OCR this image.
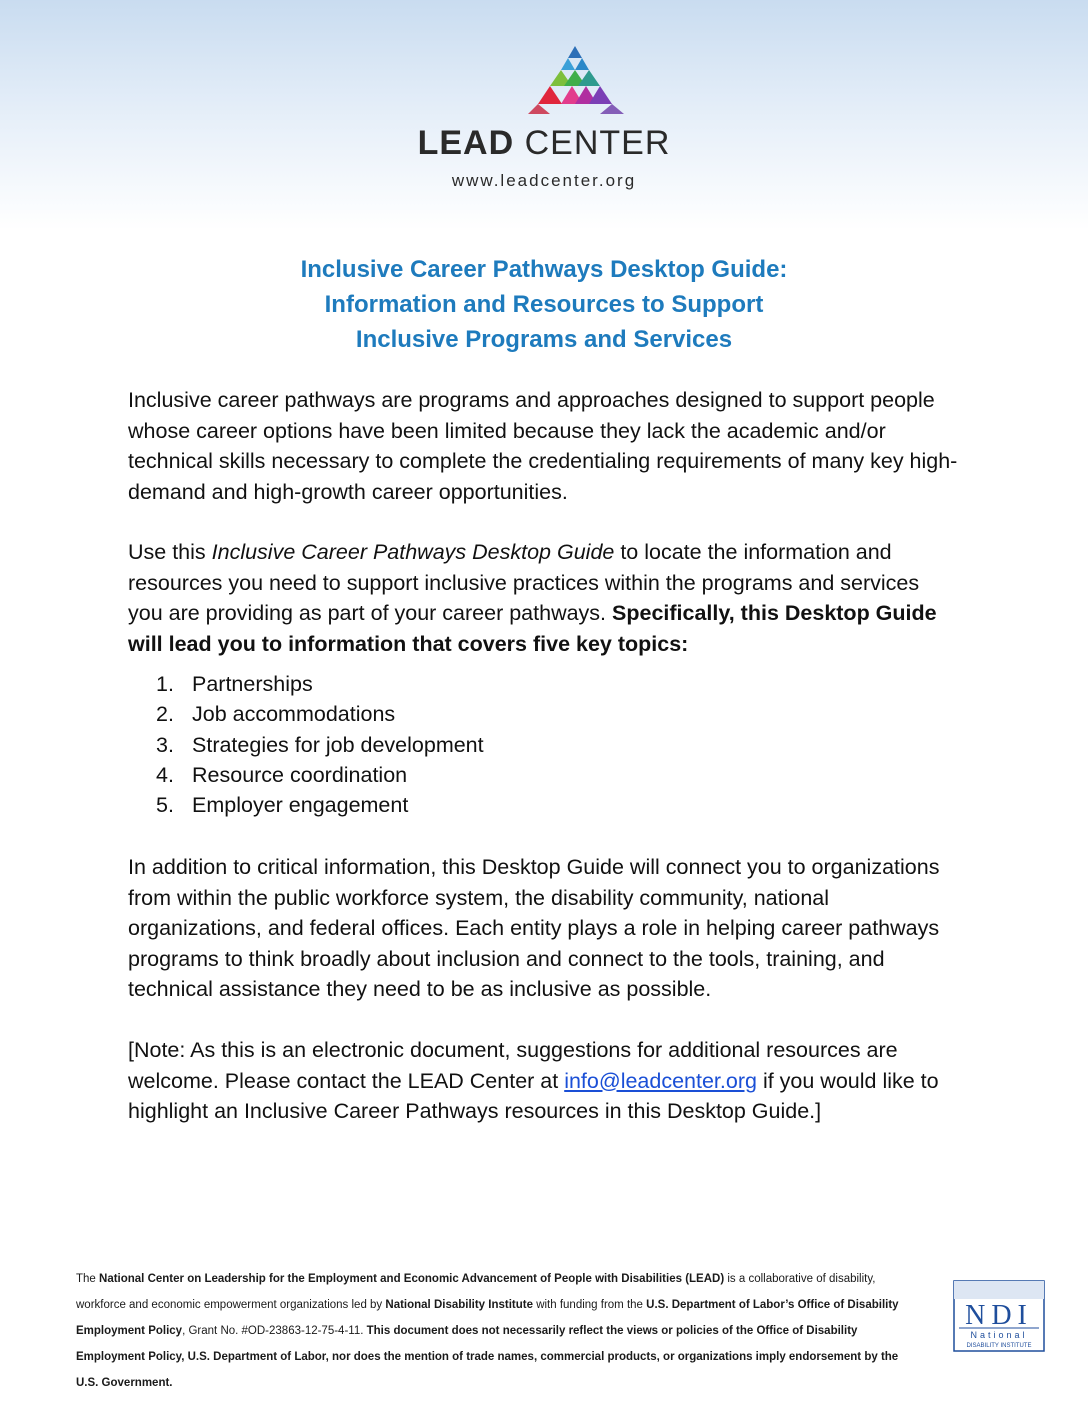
LEAD CENTER
www.leadcenter.org
Inclusive Career Pathways Desktop Guide:
Information and Resources to Support
Inclusive Programs and Services

Inclusive career pathways are programs and approaches designed to support people whose career options have been limited because they lack the academic and/or technical skills necessary to complete the credentialing requirements of many key high-demand and high-growth career opportunities.

Use this Inclusive Career Pathways Desktop Guide to locate the information and resources you need to support inclusive practices within the programs and services you are providing as part of your career pathways. Specifically, this Desktop Guide will lead you to information that covers five key topics:

1. Partnerships
2. Job accommodations
3. Strategies for job development
4. Resource coordination
5. Employer engagement

In addition to critical information, this Desktop Guide will connect you to organizations from within the public workforce system, the disability community, national organizations, and federal offices. Each entity plays a role in helping career pathways programs to think broadly about inclusion and connect to the tools, training, and technical assistance they need to be as inclusive as possible.

[Note: As this is an electronic document, suggestions for additional resources are welcome. Please contact the LEAD Center at info@leadcenter.org if you would like to highlight an Inclusive Career Pathways resources in this Desktop Guide.]

The National Center on Leadership for the Employment and Economic Advancement of People with Disabilities (LEAD) is a collaborative of disability, workforce and economic empowerment organizations led by National Disability Institute with funding from the U.S. Department of Labor’s Office of Disability Employment Policy, Grant No. #OD-23863-12-75-4-11. This document does not necessarily reflect the views or policies of the Office of Disability Employment Policy, U.S. Department of Labor, nor does the mention of trade names, commercial products, or organizations imply endorsement by the U.S. Government.

NDI
National
DISABILITY INSTITUTE
